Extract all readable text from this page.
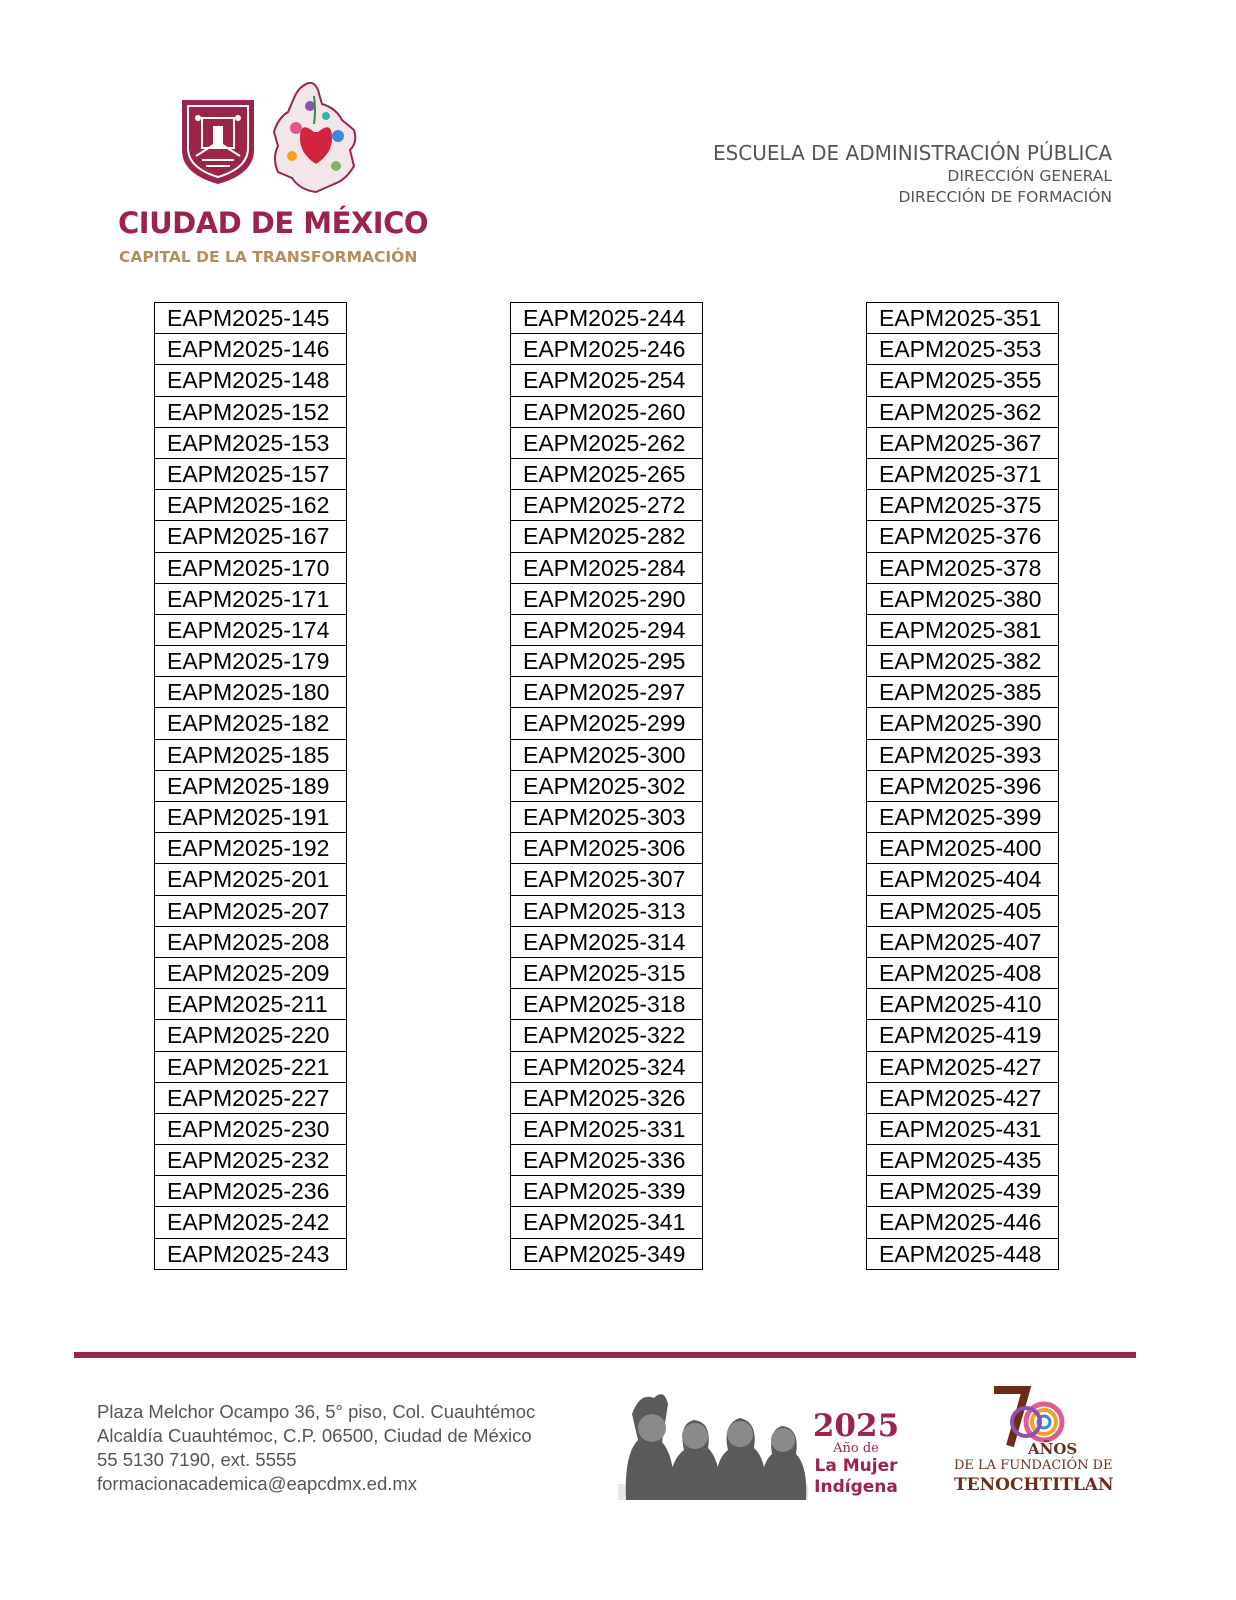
CIUDAD DE MÉXICO
CAPITAL DE LA TRANSFORMACIÓN
ESCUELA DE ADMINISTRACIÓN PÚBLICA
DIRECCIÓN GENERAL
DIRECCIÓN DE FORMACIÓN
EAPM2025-145
EAPM2025-146
EAPM2025-148
EAPM2025-152
EAPM2025-153
EAPM2025-157
EAPM2025-162
EAPM2025-167
EAPM2025-170
EAPM2025-171
EAPM2025-174
EAPM2025-179
EAPM2025-180
EAPM2025-182
EAPM2025-185
EAPM2025-189
EAPM2025-191
EAPM2025-192
EAPM2025-201
EAPM2025-207
EAPM2025-208
EAPM2025-209
EAPM2025-211
EAPM2025-220
EAPM2025-221
EAPM2025-227
EAPM2025-230
EAPM2025-232
EAPM2025-236
EAPM2025-242
EAPM2025-243
EAPM2025-244
EAPM2025-246
EAPM2025-254
EAPM2025-260
EAPM2025-262
EAPM2025-265
EAPM2025-272
EAPM2025-282
EAPM2025-284
EAPM2025-290
EAPM2025-294
EAPM2025-295
EAPM2025-297
EAPM2025-299
EAPM2025-300
EAPM2025-302
EAPM2025-303
EAPM2025-306
EAPM2025-307
EAPM2025-313
EAPM2025-314
EAPM2025-315
EAPM2025-318
EAPM2025-322
EAPM2025-324
EAPM2025-326
EAPM2025-331
EAPM2025-336
EAPM2025-339
EAPM2025-341
EAPM2025-349
EAPM2025-351
EAPM2025-353
EAPM2025-355
EAPM2025-362
EAPM2025-367
EAPM2025-371
EAPM2025-375
EAPM2025-376
EAPM2025-378
EAPM2025-380
EAPM2025-381
EAPM2025-382
EAPM2025-385
EAPM2025-390
EAPM2025-393
EAPM2025-396
EAPM2025-399
EAPM2025-400
EAPM2025-404
EAPM2025-405
EAPM2025-407
EAPM2025-408
EAPM2025-410
EAPM2025-419
EAPM2025-427
EAPM2025-427
EAPM2025-431
EAPM2025-435
EAPM2025-439
EAPM2025-446
EAPM2025-448
Plaza Melchor Ocampo 36, 5° piso, Col. Cuauhtémoc
Alcaldía Cuauhtémoc, C.P. 06500, Ciudad de México
55 5130 7190, ext. 5555
formacionacademica@eapcdmx.ed.mx
2025
Año de
La Mujer
Indígena
AÑOS
DE LA FUNDACIÓN DE
TENOCHTITLAN
